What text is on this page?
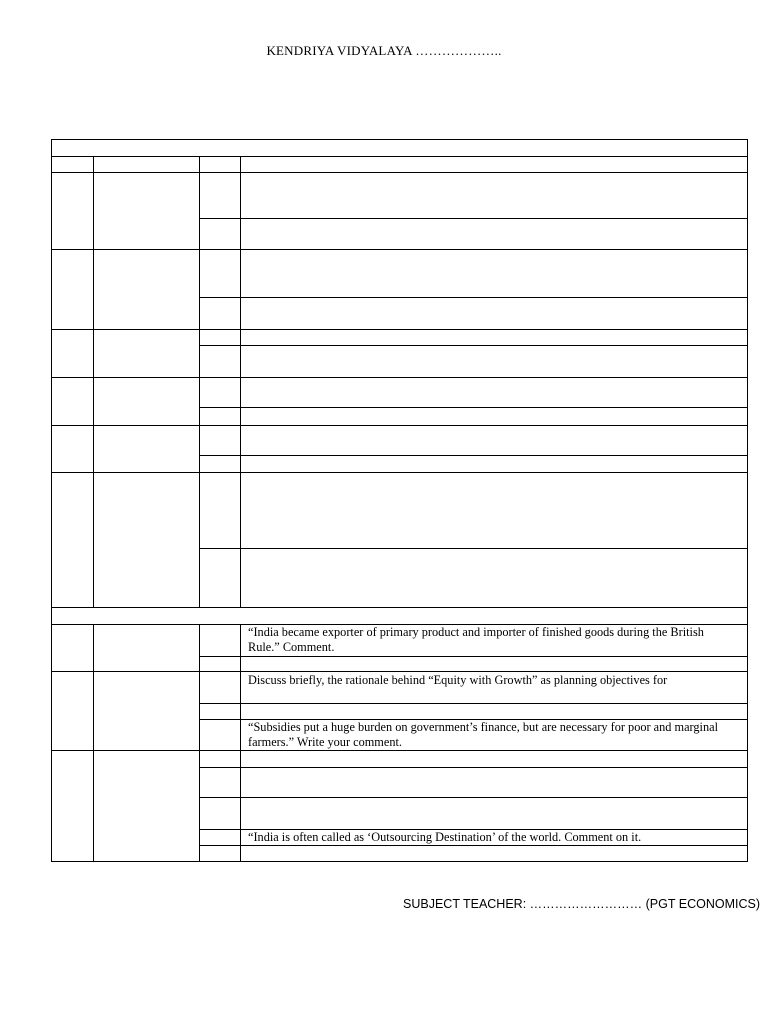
KENDRIYA VIDYALAYA ………………..
“India became exporter of primary product and importer of finished goods during the British Rule.” Comment.
Discuss briefly, the rationale behind “Equity with Growth” as planning objectives for
“Subsidies put a huge burden on government’s finance, but are necessary for poor and marginal farmers.” Write your comment.
“India is often called as ‘Outsourcing Destination’ of the world. Comment on it.
SUBJECT TEACHER: ……………………… (PGT ECONOMICS)
